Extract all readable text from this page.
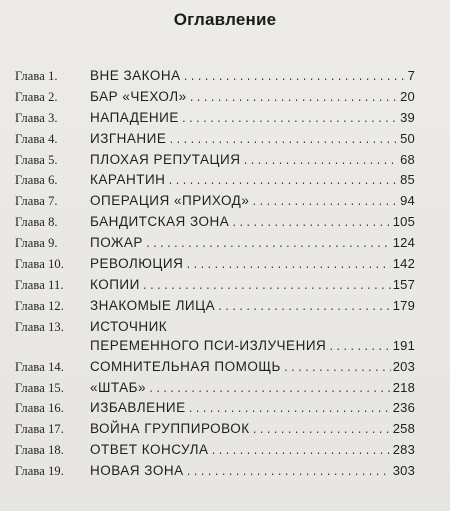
Оглавление
Глава 1.	ВНЕ ЗАКОНА .....	7
Глава 2.	БАР «ЧЕХОЛ» .....	20
Глава 3.	НАПАДЕНИЕ .....	39
Глава 4.	ИЗГНАНИЕ .....	50
Глава 5.	ПЛОХАЯ РЕПУТАЦИЯ .....	68
Глава 6.	КАРАНТИН .....	85
Глава 7.	ОПЕРАЦИЯ «ПРИХОД» .....	94
Глава 8.	БАНДИТСКАЯ ЗОНА .....	105
Глава 9.	ПОЖАР .....	124
Глава 10.	РЕВОЛЮЦИЯ .....	142
Глава 11.	КОПИИ .....	157
Глава 12.	ЗНАКОМЫЕ ЛИЦА .....	179
Глава 13.	ИСТОЧНИК
ПЕРЕМЕННОГО ПСИ-ИЗЛУЧЕНИЯ .....	191
Глава 14.	СОМНИТЕЛЬНАЯ ПОМОЩЬ .....	203
Глава 15.	«ШТАБ» .....	218
Глава 16.	ИЗБАВЛЕНИЕ .....	236
Глава 17.	ВОЙНА ГРУППИРОВОК .....	258
Глава 18.	ОТВЕТ КОНСУЛА .....	283
Глава 19.	НОВАЯ ЗОНА .....	303
